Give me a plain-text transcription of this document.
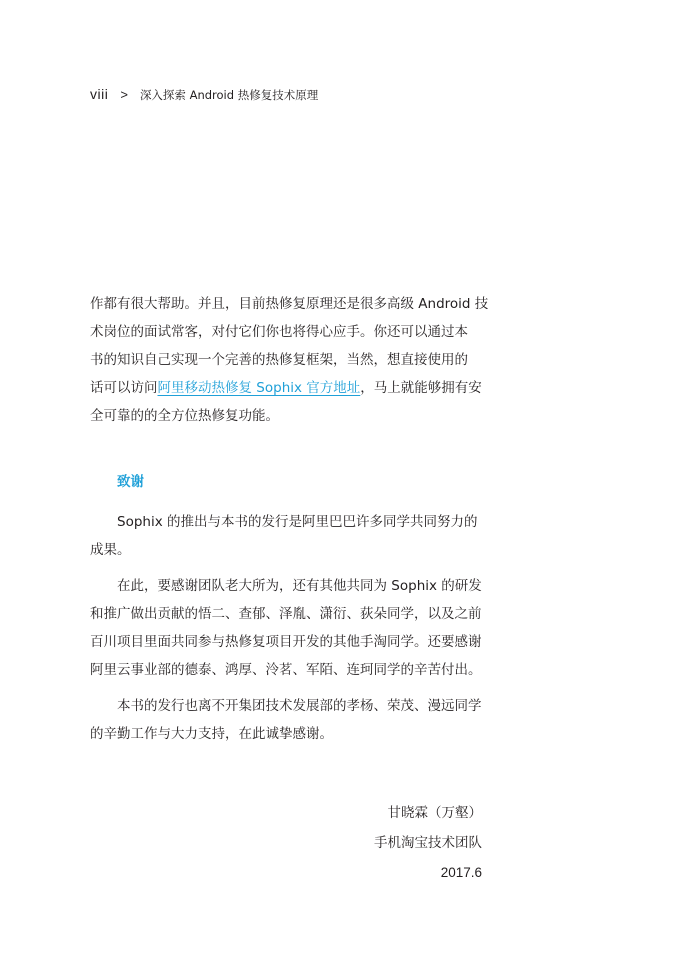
viii > 深入探索 Android 热修复技术原理
作都有很大帮助。并且，目前热修复原理还是很多高级 Android 技
术岗位的面试常客，对付它们你也将得心应手。你还可以通过本
书的知识自己实现一个完善的热修复框架，当然，想直接使用的
话可以访问阿里移动热修复 Sophix 官方地址，马上就能够拥有安
全可靠的的全方位热修复功能。
致谢
Sophix 的推出与本书的发行是阿里巴巴许多同学共同努力的
成果。
在此，要感谢团队老大所为，还有其他共同为 Sophix 的研发
和推广做出贡献的悟二、查郁、泽胤、潇衍、荻朵同学，以及之前
百川项目里面共同参与热修复项目开发的其他手淘同学。还要感谢
阿里云事业部的德泰、鸿厚、泠茗、军陌、连珂同学的辛苦付出。
本书的发行也离不开集团技术发展部的孝杨、荣茂、漫远同学
的辛勤工作与大力支持，在此诚挚感谢。
甘晓霖（万壑）
手机淘宝技术团队
2017.6
